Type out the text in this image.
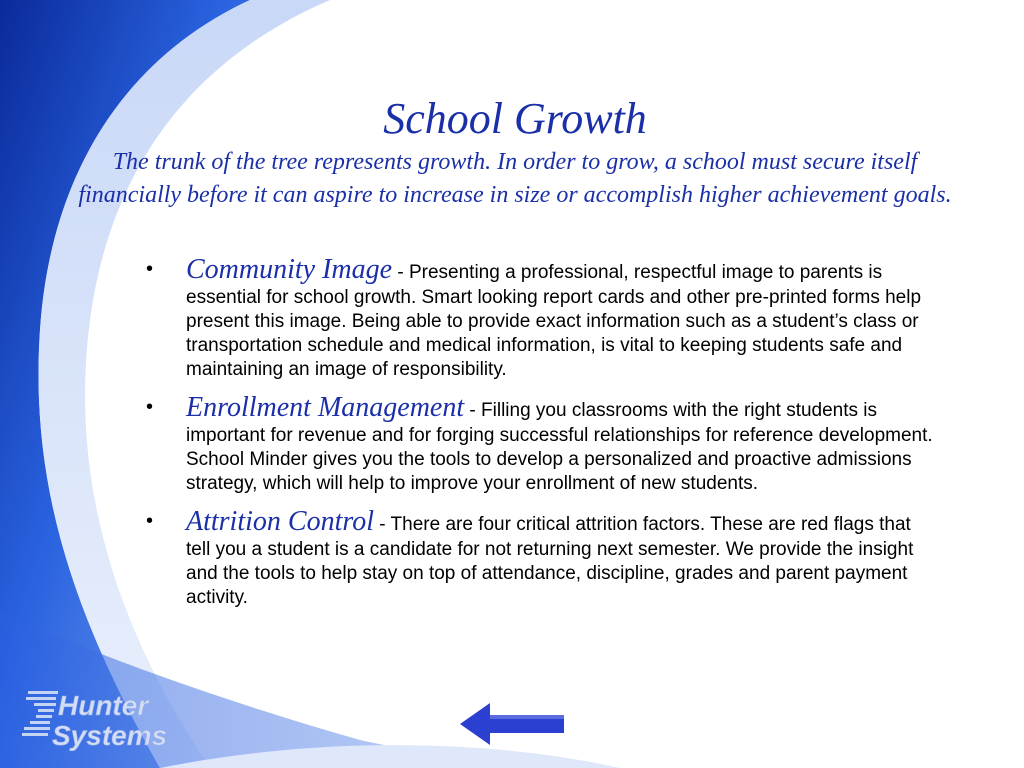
School Growth
The trunk of the tree represents growth. In order to grow, a school must secure itself financially before it can aspire to increase in size or accomplish higher achievement goals.
• Community Image - Presenting a professional, respectful image to parents is essential for school growth. Smart looking report cards and other pre-printed forms help present this image. Being able to provide exact information such as a student’s class or transportation schedule and medical information, is vital to keeping students safe and maintaining an image of responsibility.
• Enrollment Management - Filling you classrooms with the right students is important for revenue and for forging successful relationships for reference development. School Minder gives you the tools to develop a personalized and proactive admissions strategy, which will help to improve your enrollment of new students.
• Attrition Control - There are four critical attrition factors. These are red flags that tell you a student is a candidate for not returning next semester. We provide the insight and the tools to help stay on top of attendance, discipline, grades and parent payment activity.
Hunter
Systems
